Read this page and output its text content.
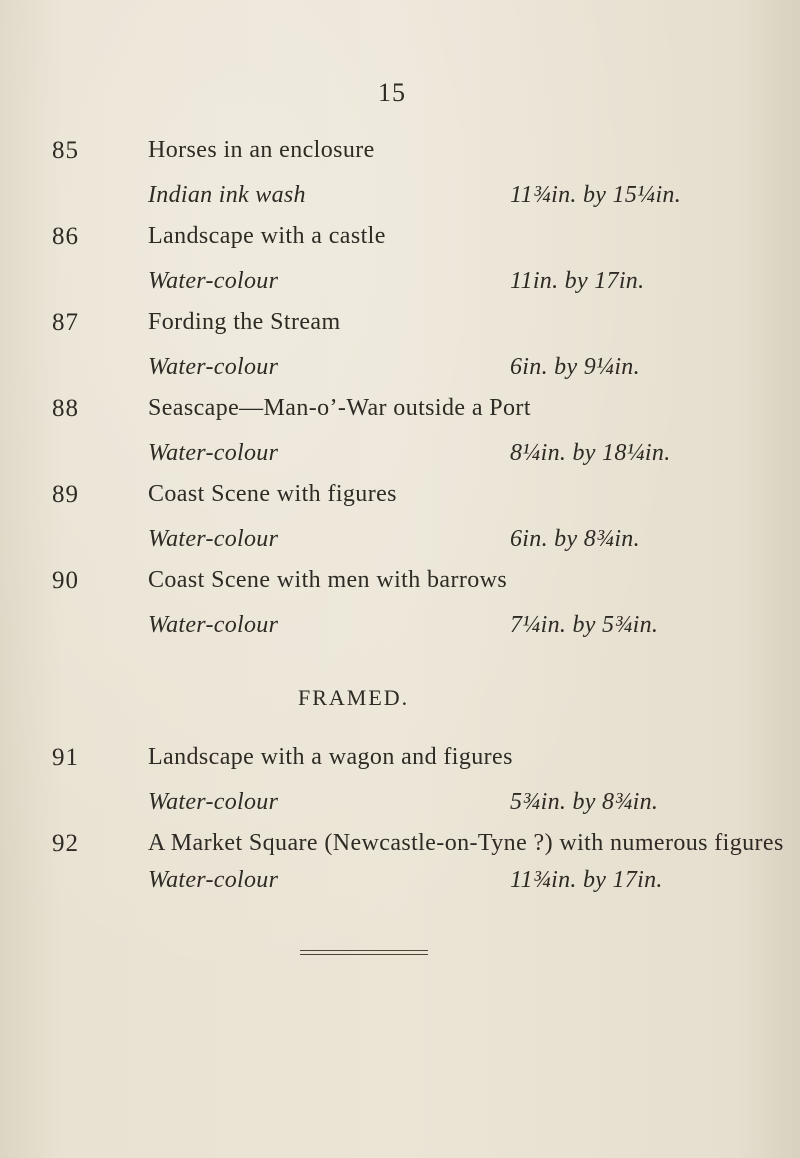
15
85	Horses in an enclosure
Indian ink wash	11¾in. by 15¼in.
86	Landscape with a castle
Water-colour	11in. by 17in.
87	Fording the Stream
Water-colour	6in. by 9¼in.
88	Seascape—Man-o’-War outside a Port
Water-colour	8¼in. by 18¼in.
89	Coast Scene with figures
Water-colour	6in. by 8¾in.
90	Coast Scene with men with barrows
Water-colour	7¼in. by 5¾in.
FRAMED.
91	Landscape with a wagon and figures
Water-colour	5¾in. by 8¾in.
92	A Market Square (Newcastle-on-Tyne ?) with numerous figures
Water-colour	11¾in. by 17in.
